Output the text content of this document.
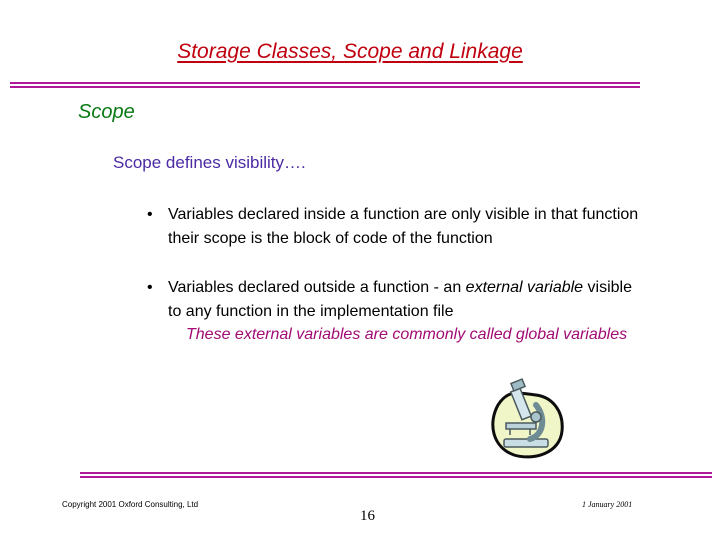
Storage Classes, Scope and Linkage
Scope
Scope defines visibility….
• Variables declared inside a function are only visible in that function their scope is the block of code of the function
• Variables declared outside a function - an external variable visible to any function in the implementation file
These external variables are commonly called global variables
Copyright 2001 Oxford Consulting, Ltd
16
1 January 2001
